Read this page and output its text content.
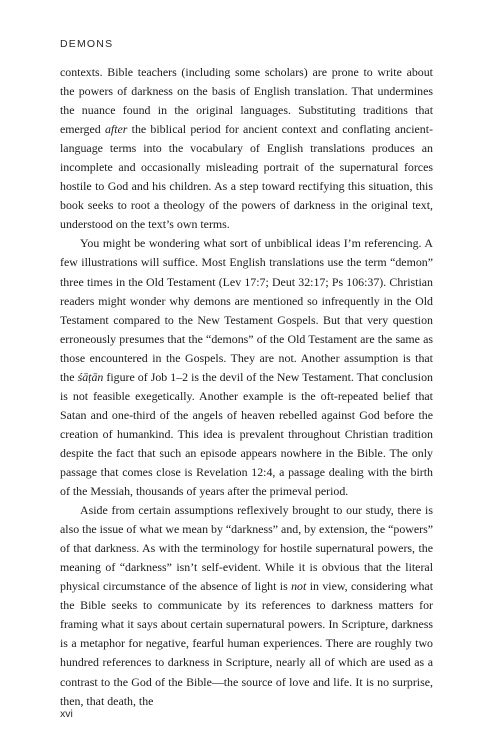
DEMONS

contexts. Bible teachers (including some scholars) are prone to write about the powers of darkness on the basis of English translation. That undermines the nuance found in the original languages. Substituting traditions that emerged after the biblical period for ancient context and conflating ancient-language terms into the vocabulary of English translations produces an incomplete and occasionally misleading portrait of the supernatural forces hostile to God and his children. As a step toward rectifying this situation, this book seeks to root a theology of the powers of darkness in the original text, understood on the text’s own terms.

You might be wondering what sort of unbiblical ideas I’m referencing. A few illustrations will suffice. Most English translations use the term “demon” three times in the Old Testament (Lev 17:7; Deut 32:17; Ps 106:37). Christian readers might wonder why demons are mentioned so infrequently in the Old Testament compared to the New Testament Gospels. But that very question erroneously presumes that the “demons” of the Old Testament are the same as those encountered in the Gospels. They are not. Another assumption is that the śāṭān figure of Job 1–2 is the devil of the New Testament. That conclusion is not feasible exegetically. Another example is the oft-repeated belief that Satan and one-third of the angels of heaven rebelled against God before the creation of humankind. This idea is prevalent throughout Christian tradition despite the fact that such an episode appears nowhere in the Bible. The only passage that comes close is Revelation 12:4, a passage dealing with the birth of the Messiah, thousands of years after the primeval period.

Aside from certain assumptions reflexively brought to our study, there is also the issue of what we mean by “darkness” and, by extension, the “powers” of that darkness. As with the terminology for hostile supernatural powers, the meaning of “darkness” isn’t self-evident. While it is obvious that the literal physical circumstance of the absence of light is not in view, considering what the Bible seeks to communicate by its references to darkness matters for framing what it says about certain supernatural powers. In Scripture, darkness is a metaphor for negative, fearful human experiences. There are roughly two hundred references to darkness in Scripture, nearly all of which are used as a contrast to the God of the Bible—the source of love and life. It is no surprise, then, that death, the

xvi
